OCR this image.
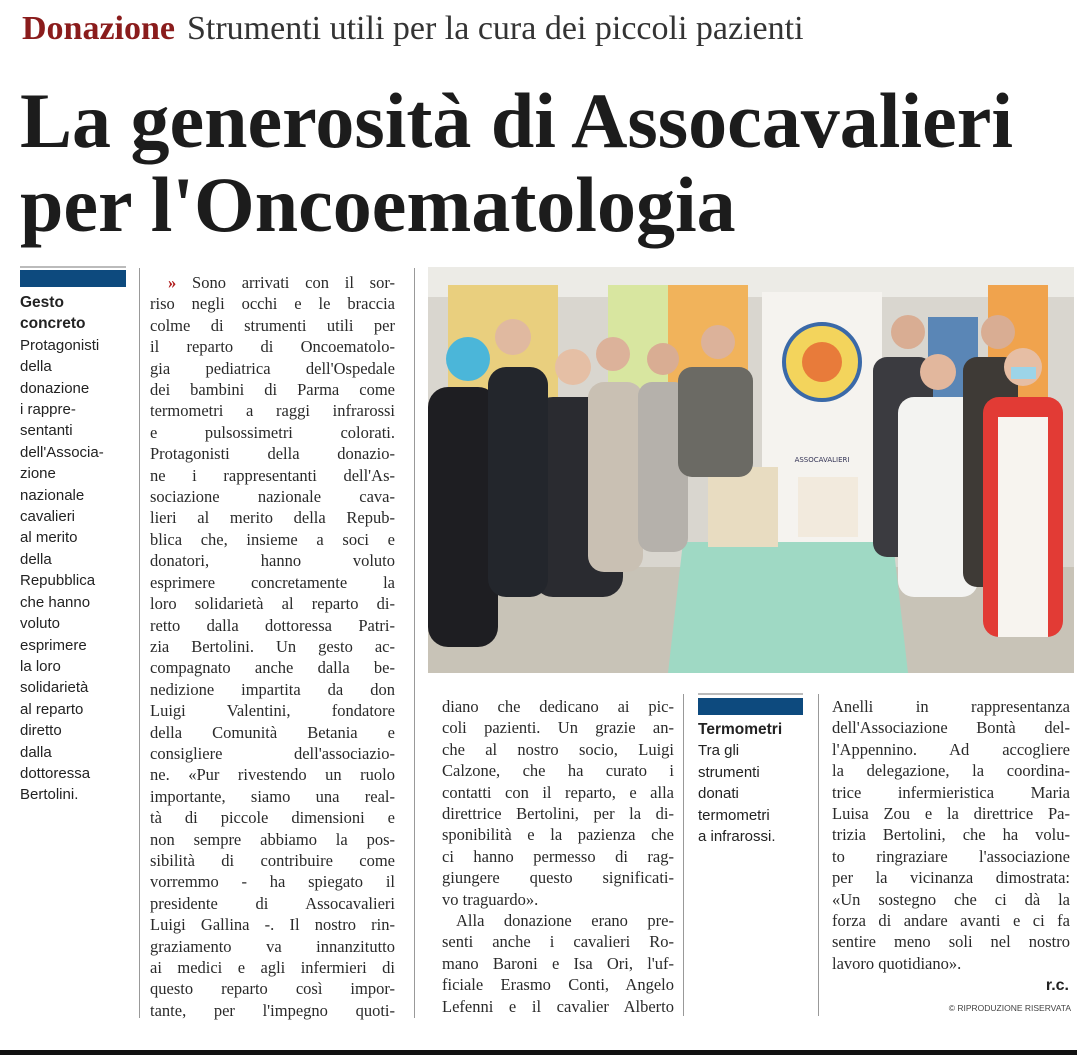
Donazione Strumenti utili per la cura dei piccoli pazienti
La generosità di Assocavalieri
per l'Oncoematologia
Gesto
concreto
Protagonisti
della
donazione
i rappre-
sentanti
dell'Associa-
zione
nazionale
cavalieri
al merito
della
Repubblica
che hanno
voluto
esprimere
la loro
solidarietà
al reparto
diretto
dalla
dottoressa
Bertolini.
» Sono arrivati con il sor-
riso negli occhi e le braccia
colme di strumenti utili per
il reparto di Oncoematolo-
gia pediatrica dell'Ospedale
dei bambini di Parma come
termometri a raggi infrarossi
e pulsossimetri colorati.
Protagonisti della donazio-
ne i rappresentanti dell'As-
sociazione nazionale cava-
lieri al merito della Repub-
blica che, insieme a soci e
donatori, hanno voluto
esprimere concretamente la
loro solidarietà al reparto di-
retto dalla dottoressa Patri-
zia Bertolini. Un gesto ac-
compagnato anche dalla be-
nedizione impartita da don
Luigi Valentini, fondatore
della Comunità Betania e
consigliere dell'associazio-
ne. «Pur rivestendo un ruolo
importante, siamo una real-
tà di piccole dimensioni e
non sempre abbiamo la pos-
sibilità di contribuire come
vorremmo - ha spiegato il
presidente di Assocavalieri
Luigi Gallina -. Il nostro rin-
graziamento va innanzitutto
ai medici e agli infermieri di
questo reparto così impor-
tante, per l'impegno quoti-
ASSOCAVALIERI
diano che dedicano ai pic-
coli pazienti. Un grazie an-
che al nostro socio, Luigi
Calzone, che ha curato i
contatti con il reparto, e alla
direttrice Bertolini, per la di-
sponibilità e la pazienza che
ci hanno permesso di rag-
giungere questo significati-
vo traguardo».
Alla donazione erano pre-
senti anche i cavalieri Ro-
mano Baroni e Isa Ori, l'uf-
ficiale Erasmo Conti, Angelo
Lefenni e il cavalier Alberto
Termometri
Tra gli
strumenti
donati
termometri
a infrarossi.
Anelli in rappresentanza
dell'Associazione Bontà del-
l'Appennino. Ad accogliere
la delegazione, la coordina-
trice infermieristica Maria
Luisa Zou e la direttrice Pa-
trizia Bertolini, che ha volu-
to ringraziare l'associazione
per la vicinanza dimostrata:
«Un sostegno che ci dà la
forza di andare avanti e ci fa
sentire meno soli nel nostro
lavoro quotidiano».
r.c.
© RIPRODUZIONE RISERVATA
